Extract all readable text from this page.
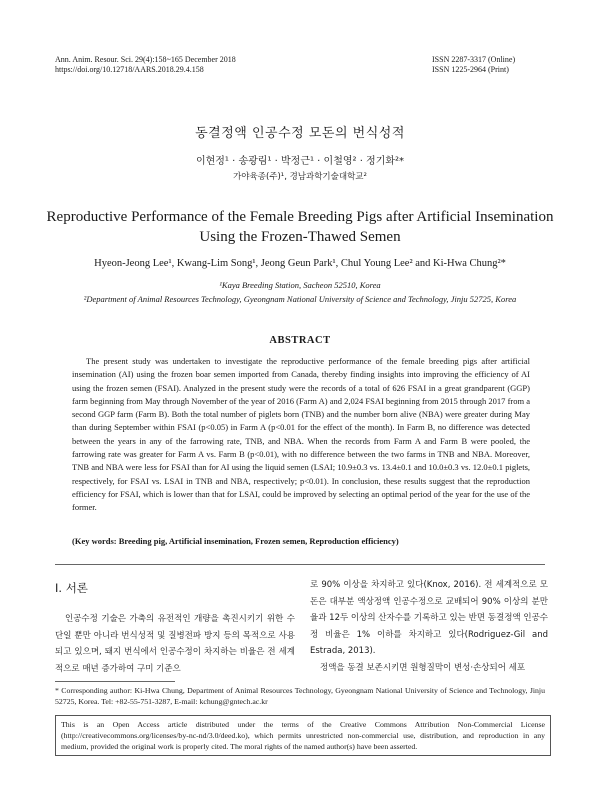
Ann. Anim. Resour. Sci. 29(4):158~165 December 2018
https://doi.org/10.12718/AARS.2018.29.4.158
ISSN 2287-3317 (Online)
ISSN 1225-2964 (Print)
동결정액 인공수정 모돈의 번식성적
이현정¹ · 송광림¹ · 박정근¹ · 이철영² · 정기화²*
가야육종(주)¹, 경남과학기술대학교²
Reproductive Performance of the Female Breeding Pigs after Artificial Insemination Using the Frozen-Thawed Semen
Hyeon-Jeong Lee¹, Kwang-Lim Song¹, Jeong Geun Park¹, Chul Young Lee² and Ki-Hwa Chung²*
¹Kaya Breeding Station, Sacheon 52510, Korea
²Department of Animal Resources Technology, Gyeongnam National University of Science and Technology, Jinju 52725, Korea
ABSTRACT
The present study was undertaken to investigate the reproductive performance of the female breeding pigs after artificial insemination (AI) using the frozen boar semen imported from Canada, thereby finding insights into improving the efficiency of AI using the frozen semen (FSAI). Analyzed in the present study were the records of a total of 626 FSAI in a great grandparent (GGP) farm beginning from May through November of the year of 2016 (Farm A) and 2,024 FSAI beginning from 2015 through 2017 from a second GGP farm (Farm B). Both the total number of piglets born (TNB) and the number born alive (NBA) were greater during May than during September within FSAI (p<0.05) in Farm A (p<0.01 for the effect of the month). In Farm B, no difference was detected between the years in any of the farrowing rate, TNB, and NBA. When the records from Farm A and Farm B were pooled, the farrowing rate was greater for Farm A vs. Farm B (p<0.01), with no difference between the two farms in TNB and NBA. Moreover, TNB and NBA were less for FSAI than for AI using the liquid semen (LSAI; 10.9±0.3 vs. 13.4±0.1 and 10.0±0.3 vs. 12.0±0.1 piglets, respectively, for FSAI vs. LSAI in TNB and NBA, respectively; p<0.01). In conclusion, these results suggest that the reproduction efficiency for FSAI, which is lower than that for LSAI, could be improved by selecting an optimal period of the year for the use of the former.
(Key words: Breeding pig, Artificial insemination, Frozen semen, Reproduction efficiency)
Ⅰ. 서론
인공수정 기술은 가축의 유전적인 개량을 촉진시키기 위한 수단일 뿐만 아니라 번식성적 및 질병전파 방지 등의 목적으로 사용되고 있으며, 돼지 번식에서 인공수정이 차지하는 비율은 전 세계적으로 매년 증가하여 구미 기준으

로 90% 이상을 차지하고 있다(Knox, 2016). 전 세계적으로 모돈은 대부분 액상정액 인공수정으로 교배되어 90% 이상의 분만율과 12두 이상의 산자수를 기록하고 있는 반면 동결정액 인공수정 비율은 1% 이하를 차지하고 있다(Rodriguez-Gil and Estrada, 2013).

정액을 동결 보존시키면 원형질막이 변성·손상되어 세포

* Corresponding author: Ki-Hwa Chung, Department of Animal Resources Technology, Gyeongnam National University of Science and Technology, Jinju 52725, Korea. Tel: +82-55-751-3287, E-mail: kchung@gntech.ac.kr
This is an Open Access article distributed under the terms of the Creative Commons Attribution Non-Commercial License (http://creativecommons.org/licenses/by-nc-nd/3.0/deed.ko), which permits unrestricted non-commercial use, distribution, and reproduction in any medium, provided the original work is properly cited. The moral rights of the named author(s) have been asserted.
